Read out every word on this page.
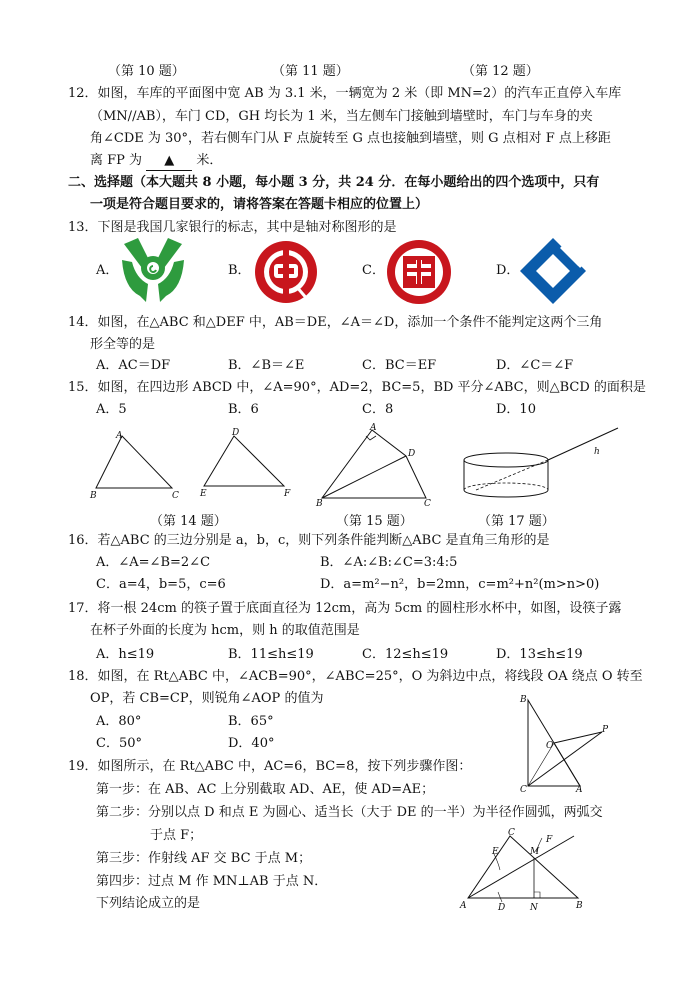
（第 10 题）	（第 11 题）	（第 12 题）
12．如图，车库的平面图中宽 AB 为 3.1 米，一辆宽为 2 米（即 MN=2）的汽车正直停入车库
（MN//AB），车门 CD，GH 均长为 1 米，当左侧车门接触到墙壁时，车门与车身的夹
角∠CDE 为 30°，若右侧车门从 F 点旋转至 G 点也接触到墙壁，则 G 点相对 F 点上移距
离 FP 为 ▲ 米．
二、选择题（本大题共 8 小题，每小题 3 分，共 24 分．在每小题给出的四个选项中，只有
一项是符合题目要求的，请将答案在答题卡相应的位置上）
13．下图是我国几家银行的标志，其中是轴对称图形的是
A．	B．	C．	D．
14．如图，在△ABC 和△DEF 中，AB＝DE，∠A＝∠D，添加一个条件不能判定这两个三角
形全等的是
A．AC＝DF	B．∠B＝∠E	C．BC＝EF	D．∠C＝∠F
15．如图，在四边形 ABCD 中，∠A=90°，AD=2，BC=5，BD 平分∠ABC，则△BCD 的面积是
A．5	B．6	C．8	D．10
A
B	C
D
E	F
A
B	C
D	h
（第 14 题）	（第 15 题）	（第 17 题）
16．若△ABC 的三边分别是 a，b，c，则下列条件能判断△ABC 是直角三角形的是
A．∠A=∠B=2∠C	B．∠A:∠B:∠C=3:4:5
C．a=4，b=5，c=6	D．a=m²−n²，b=2mn，c=m²+n²(m>n>0)
17．将一根 24cm 的筷子置于底面直径为 12cm，高为 5cm 的圆柱形水杯中，如图，设筷子露
在杯子外面的长度为 hcm，则 h 的取值范围是
A．h≤19	B．11≤h≤19	C．12≤h≤19	D．13≤h≤19
18．如图，在 Rt△ABC 中，∠ACB=90°，∠ABC=25°，O 为斜边中点，将线段 OA 绕点 O 转至
OP，若 CB=CP，则锐角∠AOP 的值为
A．80°	B．65°
C．50°	D．40°
B
O
P
C	A
19．如图所示，在 Rt△ABC 中，AC=6，BC=8，按下列步骤作图：
第一步：在 AB、AC 上分别截取 AD、AE，使 AD=AE；
第二步：分别以点 D 和点 E 为圆心、适当长（大于 DE 的一半）为半径作圆弧，两弧交
于点 F；
第三步：作射线 AF 交 BC 于点 M；
第四步：过点 M 作 MN⊥AB 于点 N．
下列结论成立的是
C
E	M
F
A	D	N	B
